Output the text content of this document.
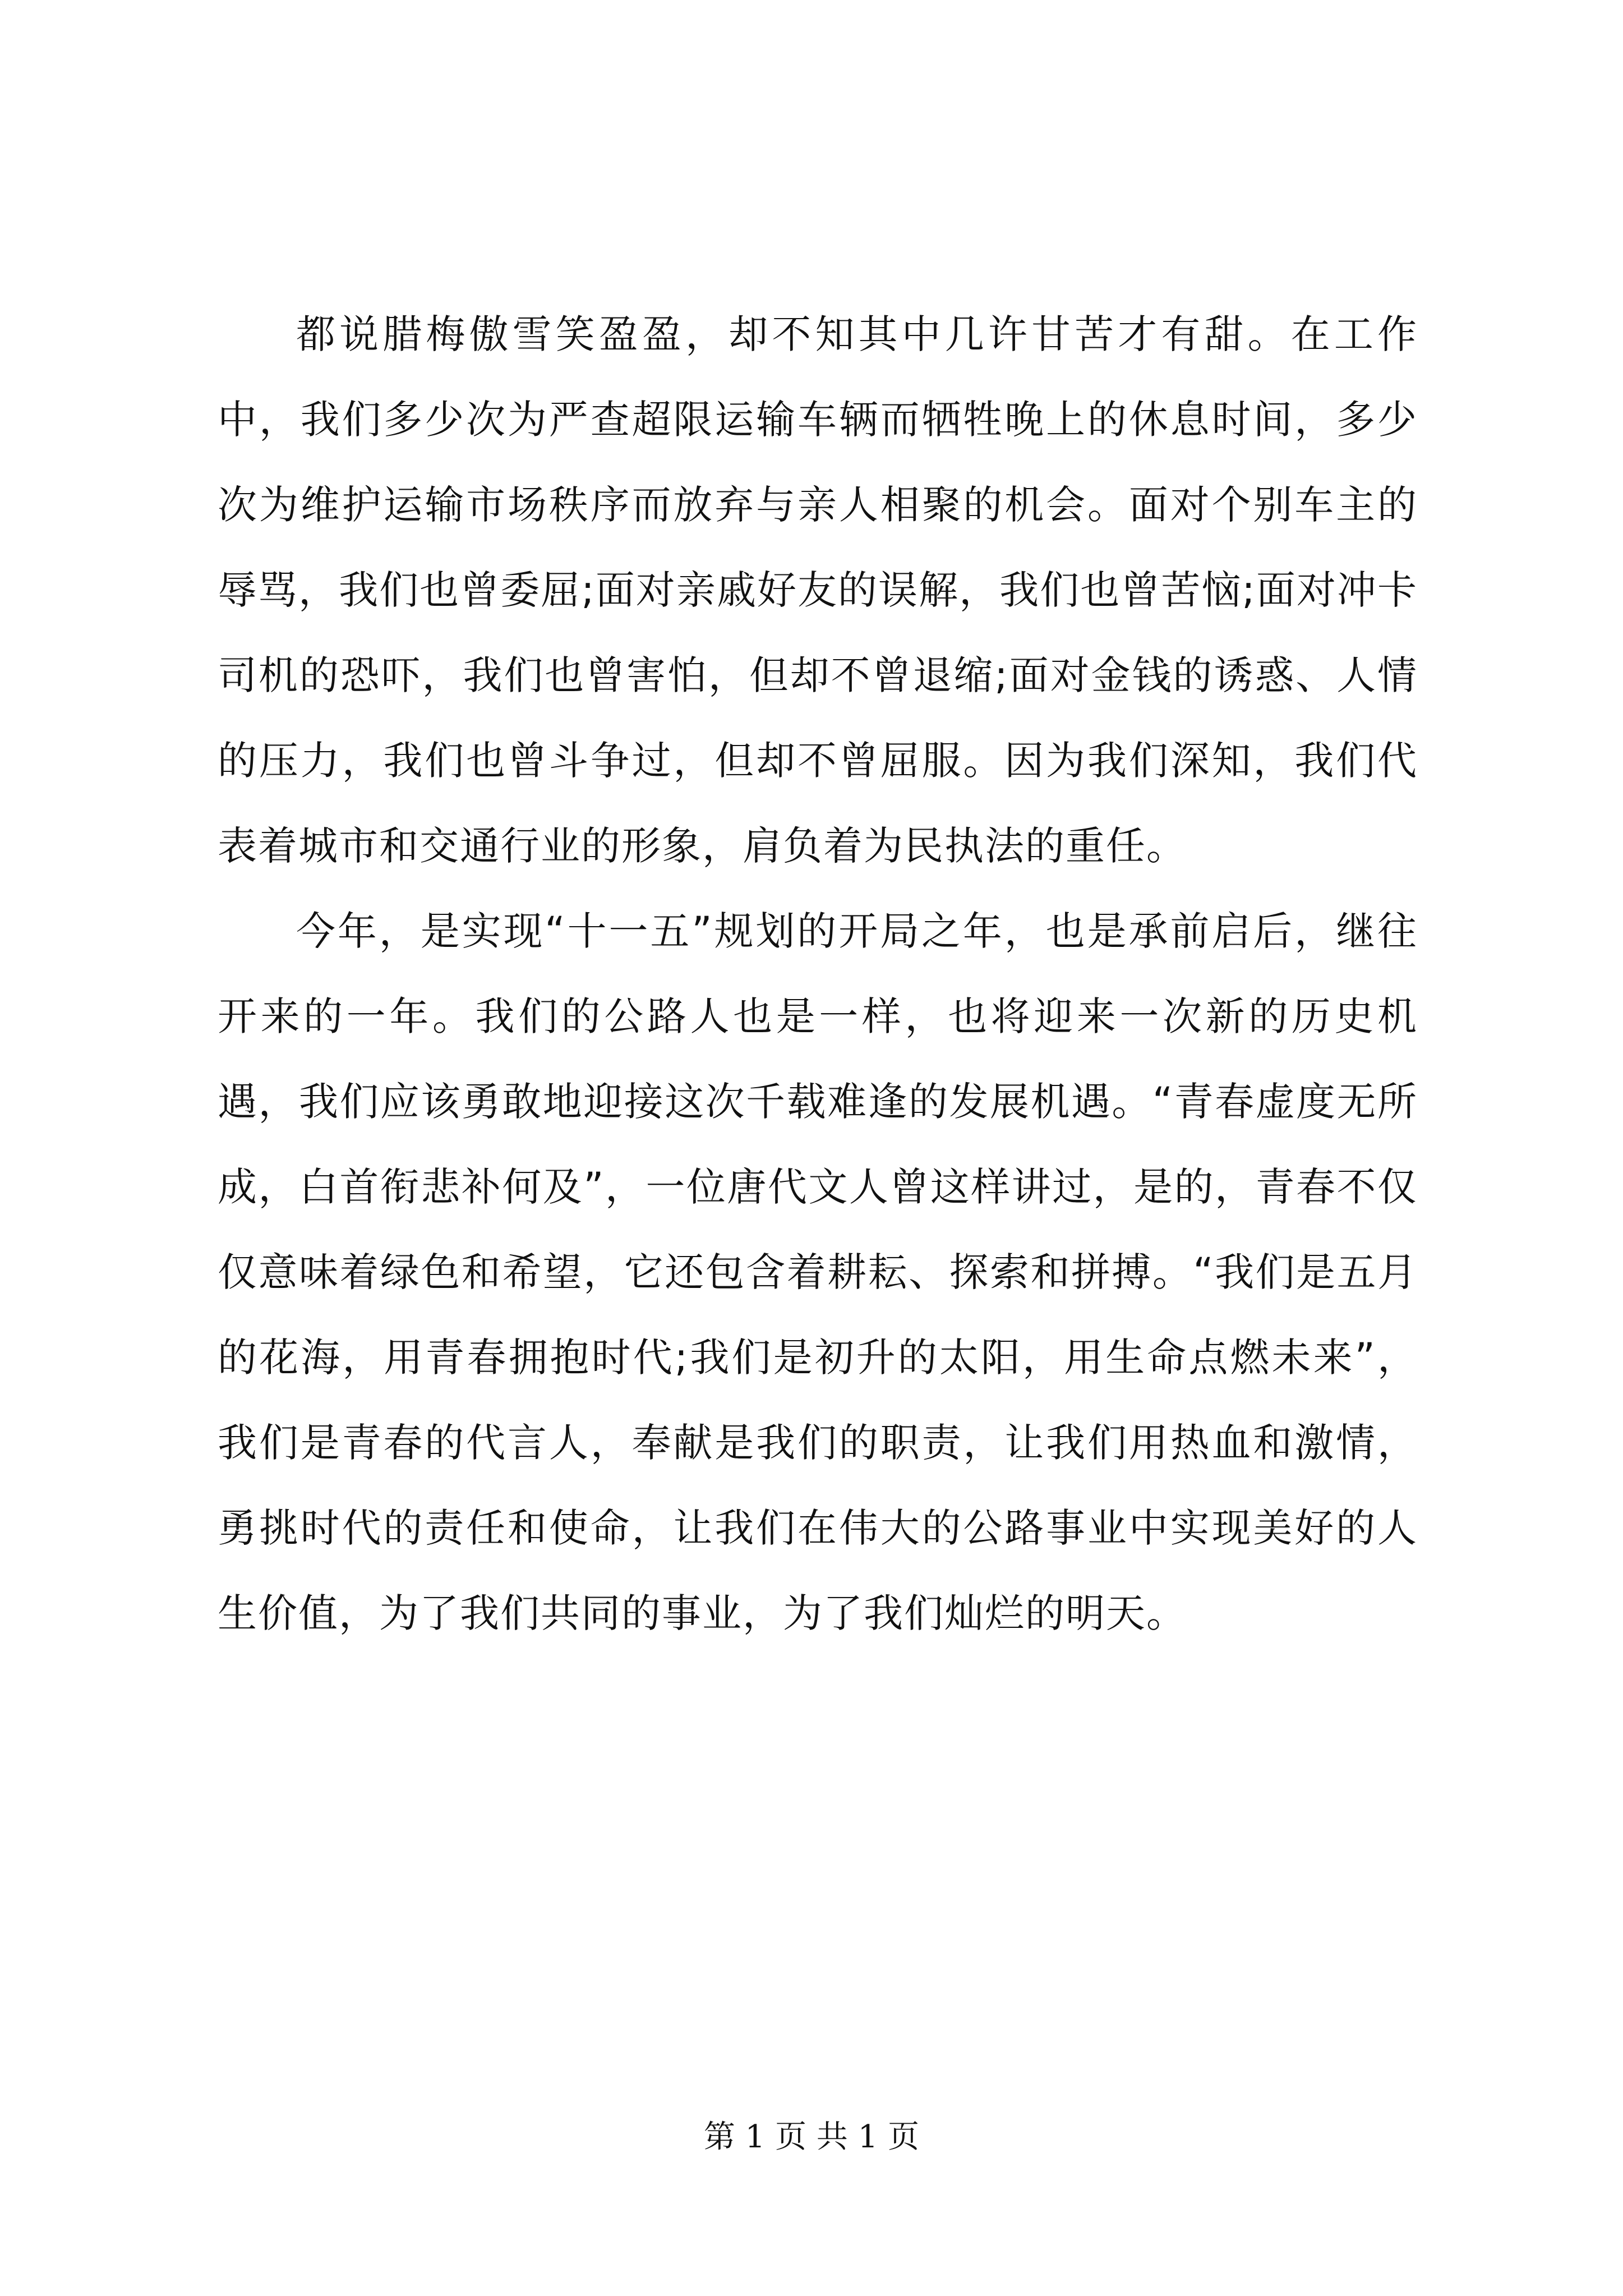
都说腊梅傲雪笑盈盈，却不知其中几许甘苦才有甜。在工作中，我们多少次为严查超限运输车辆而牺牲晚上的休息时间，多少次为维护运输市场秩序而放弃与亲人相聚的机会。面对个别车主的辱骂，我们也曾委屈;面对亲戚好友的误解，我们也曾苦恼;面对冲卡司机的恐吓，我们也曾害怕，但却不曾退缩;面对金钱的诱惑、人情的压力，我们也曾斗争过，但却不曾屈服。因为我们深知，我们代表着城市和交通行业的形象，肩负着为民执法的重任。

今年，是实现“十一五”规划的开局之年，也是承前启后，继往开来的一年。我们的公路人也是一样，也将迎来一次新的历史机遇，我们应该勇敢地迎接这次千载难逢的发展机遇。“青春虚度无所成，白首衔悲补何及”，一位唐代文人曾这样讲过，是的，青春不仅仅意味着绿色和希望，它还包含着耕耘、探索和拼搏。“我们是五月的花海，用青春拥抱时代;我们是初升的太阳，用生命点燃未来”，我们是青春的代言人，奉献是我们的职责，让我们用热血和激情，勇挑时代的责任和使命，让我们在伟大的公路事业中实现美好的人生价值，为了我们共同的事业，为了我们灿烂的明天。

第 1 页 共 1 页
